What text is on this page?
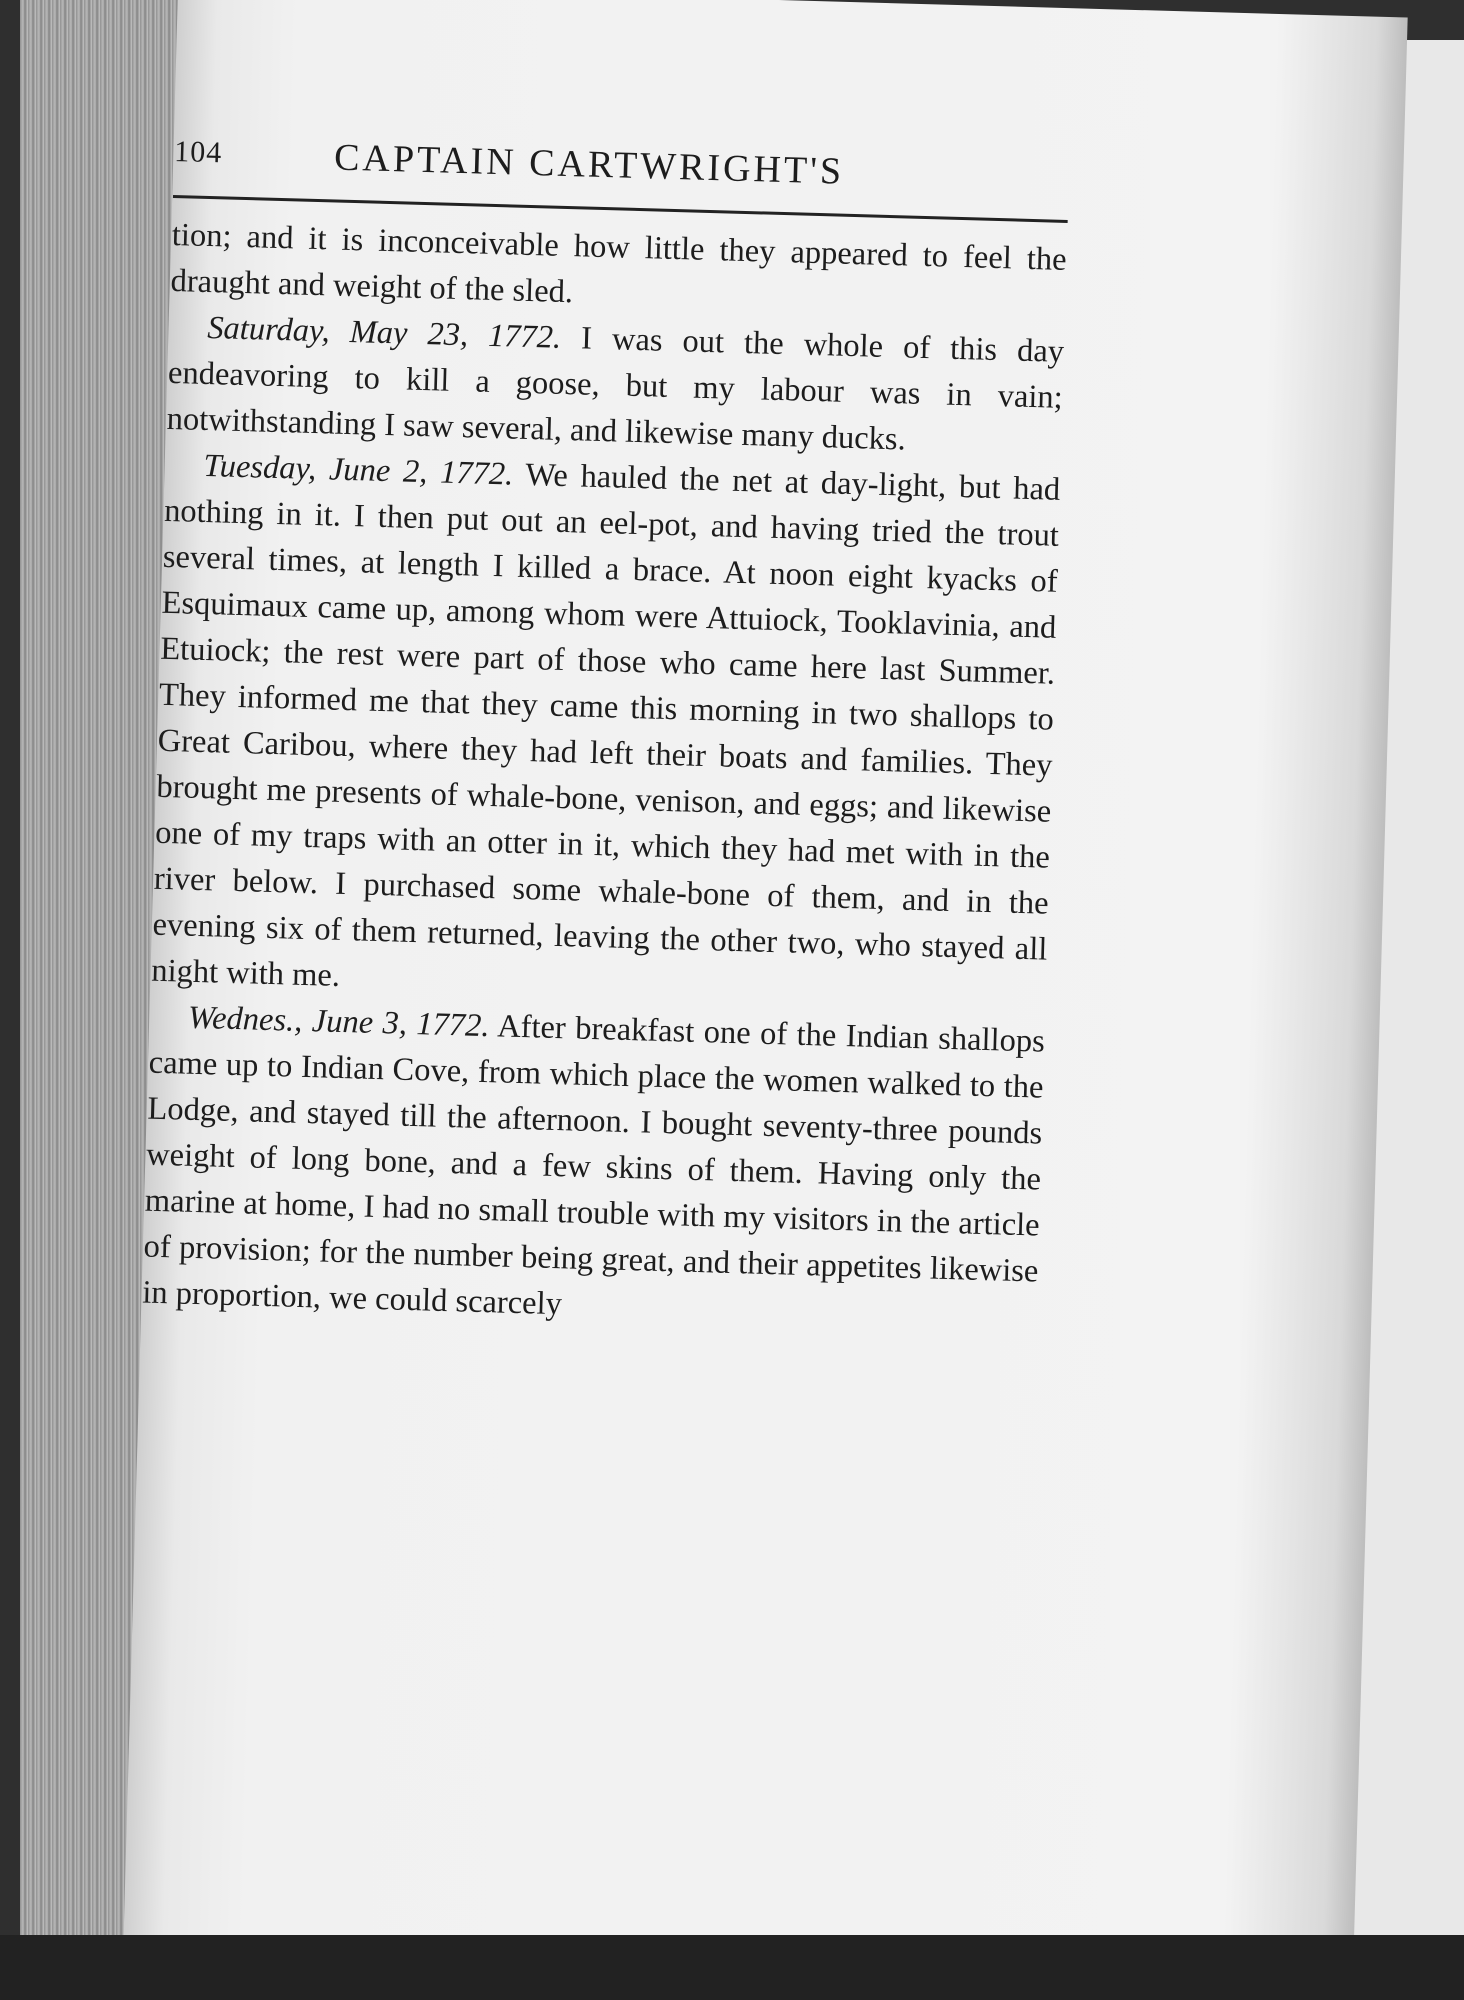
104	CAPTAIN CARTWRIGHT'S

tion; and it is inconceivable how little they appeared to feel the draught and weight of the sled.

Saturday, May 23, 1772. I was out the whole of this day endeavoring to kill a goose, but my labour was in vain; notwithstanding I saw several, and likewise many ducks.

Tuesday, June 2, 1772. We hauled the net at day-light, but had nothing in it. I then put out an eel-pot, and having tried the trout several times, at length I killed a brace. At noon eight kyacks of Esquimaux came up, among whom were Attuiock, Tooklavinia, and Etuiock; the rest were part of those who came here last Summer. They informed me that they came this morning in two shallops to Great Caribou, where they had left their boats and families. They brought me presents of whale-bone, venison, and eggs; and likewise one of my traps with an otter in it, which they had met with in the river below. I purchased some whale-bone of them, and in the evening six of them returned, leaving the other two, who stayed all night with me.

Wednes., June 3, 1772. After breakfast one of the Indian shallops came up to Indian Cove, from which place the women walked to the Lodge, and stayed till the afternoon. I bought seventy-three pounds weight of long bone, and a few skins of them. Having only the marine at home, I had no small trouble with my visitors in the article of provision; for the number being great, and their appetites likewise in proportion, we could scarcely
